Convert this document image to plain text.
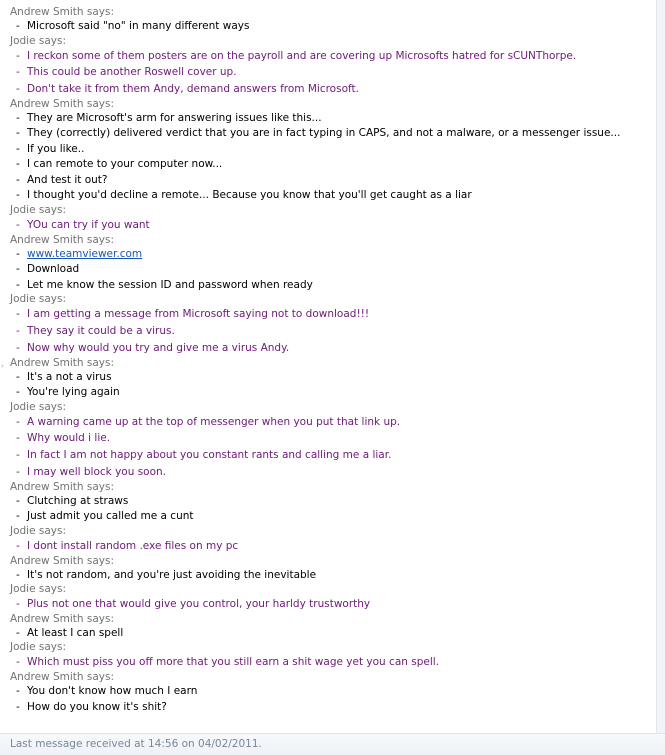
Andrew Smith says:
- Microsoft said "no" in many different ways
Jodie says:
- I reckon some of them posters are on the payroll and are covering up Microsofts hatred for sCUNThorpe.
- This could be another Roswell cover up.
- Don't take it from them Andy, demand answers from Microsoft.
Andrew Smith says:
- They are Microsoft's arm for answering issues like this...
- They (correctly) delivered verdict that you are in fact typing in CAPS, and not a malware, or a messenger issue...
- If you like..
- I can remote to your computer now...
- And test it out?
- I thought you'd decline a remote... Because you know that you'll get caught as a liar
Jodie says:
- YOu can try if you want
Andrew Smith says:
- www.teamviewer.com
- Download
- Let me know the session ID and password when ready
Jodie says:
- I am getting a message from Microsoft saying not to download!!!
- They say it could be a virus.
- Now why would you try and give me a virus Andy.
› Andrew Smith says:
- It's a not a virus
- You're lying again
Jodie says:
- A warning came up at the top of messenger when you put that link up.
- Why would i lie.
- In fact I am not happy about you constant rants and calling me a liar.
- I may well block you soon.
Andrew Smith says:
- Clutching at straws
- Just admit you called me a cunt
Jodie says:
- I dont install random .exe files on my pc
Andrew Smith says:
- It's not random, and you're just avoiding the inevitable
Jodie says:
- Plus not one that would give you control, your harldy trustworthy
Andrew Smith says:
- At least I can spell
Jodie says:
- Which must piss you off more that you still earn a shit wage yet you can spell.
Andrew Smith says:
- You don't know how much I earn
- How do you know it's shit?
Last message received at 14:56 on 04/02/2011.
